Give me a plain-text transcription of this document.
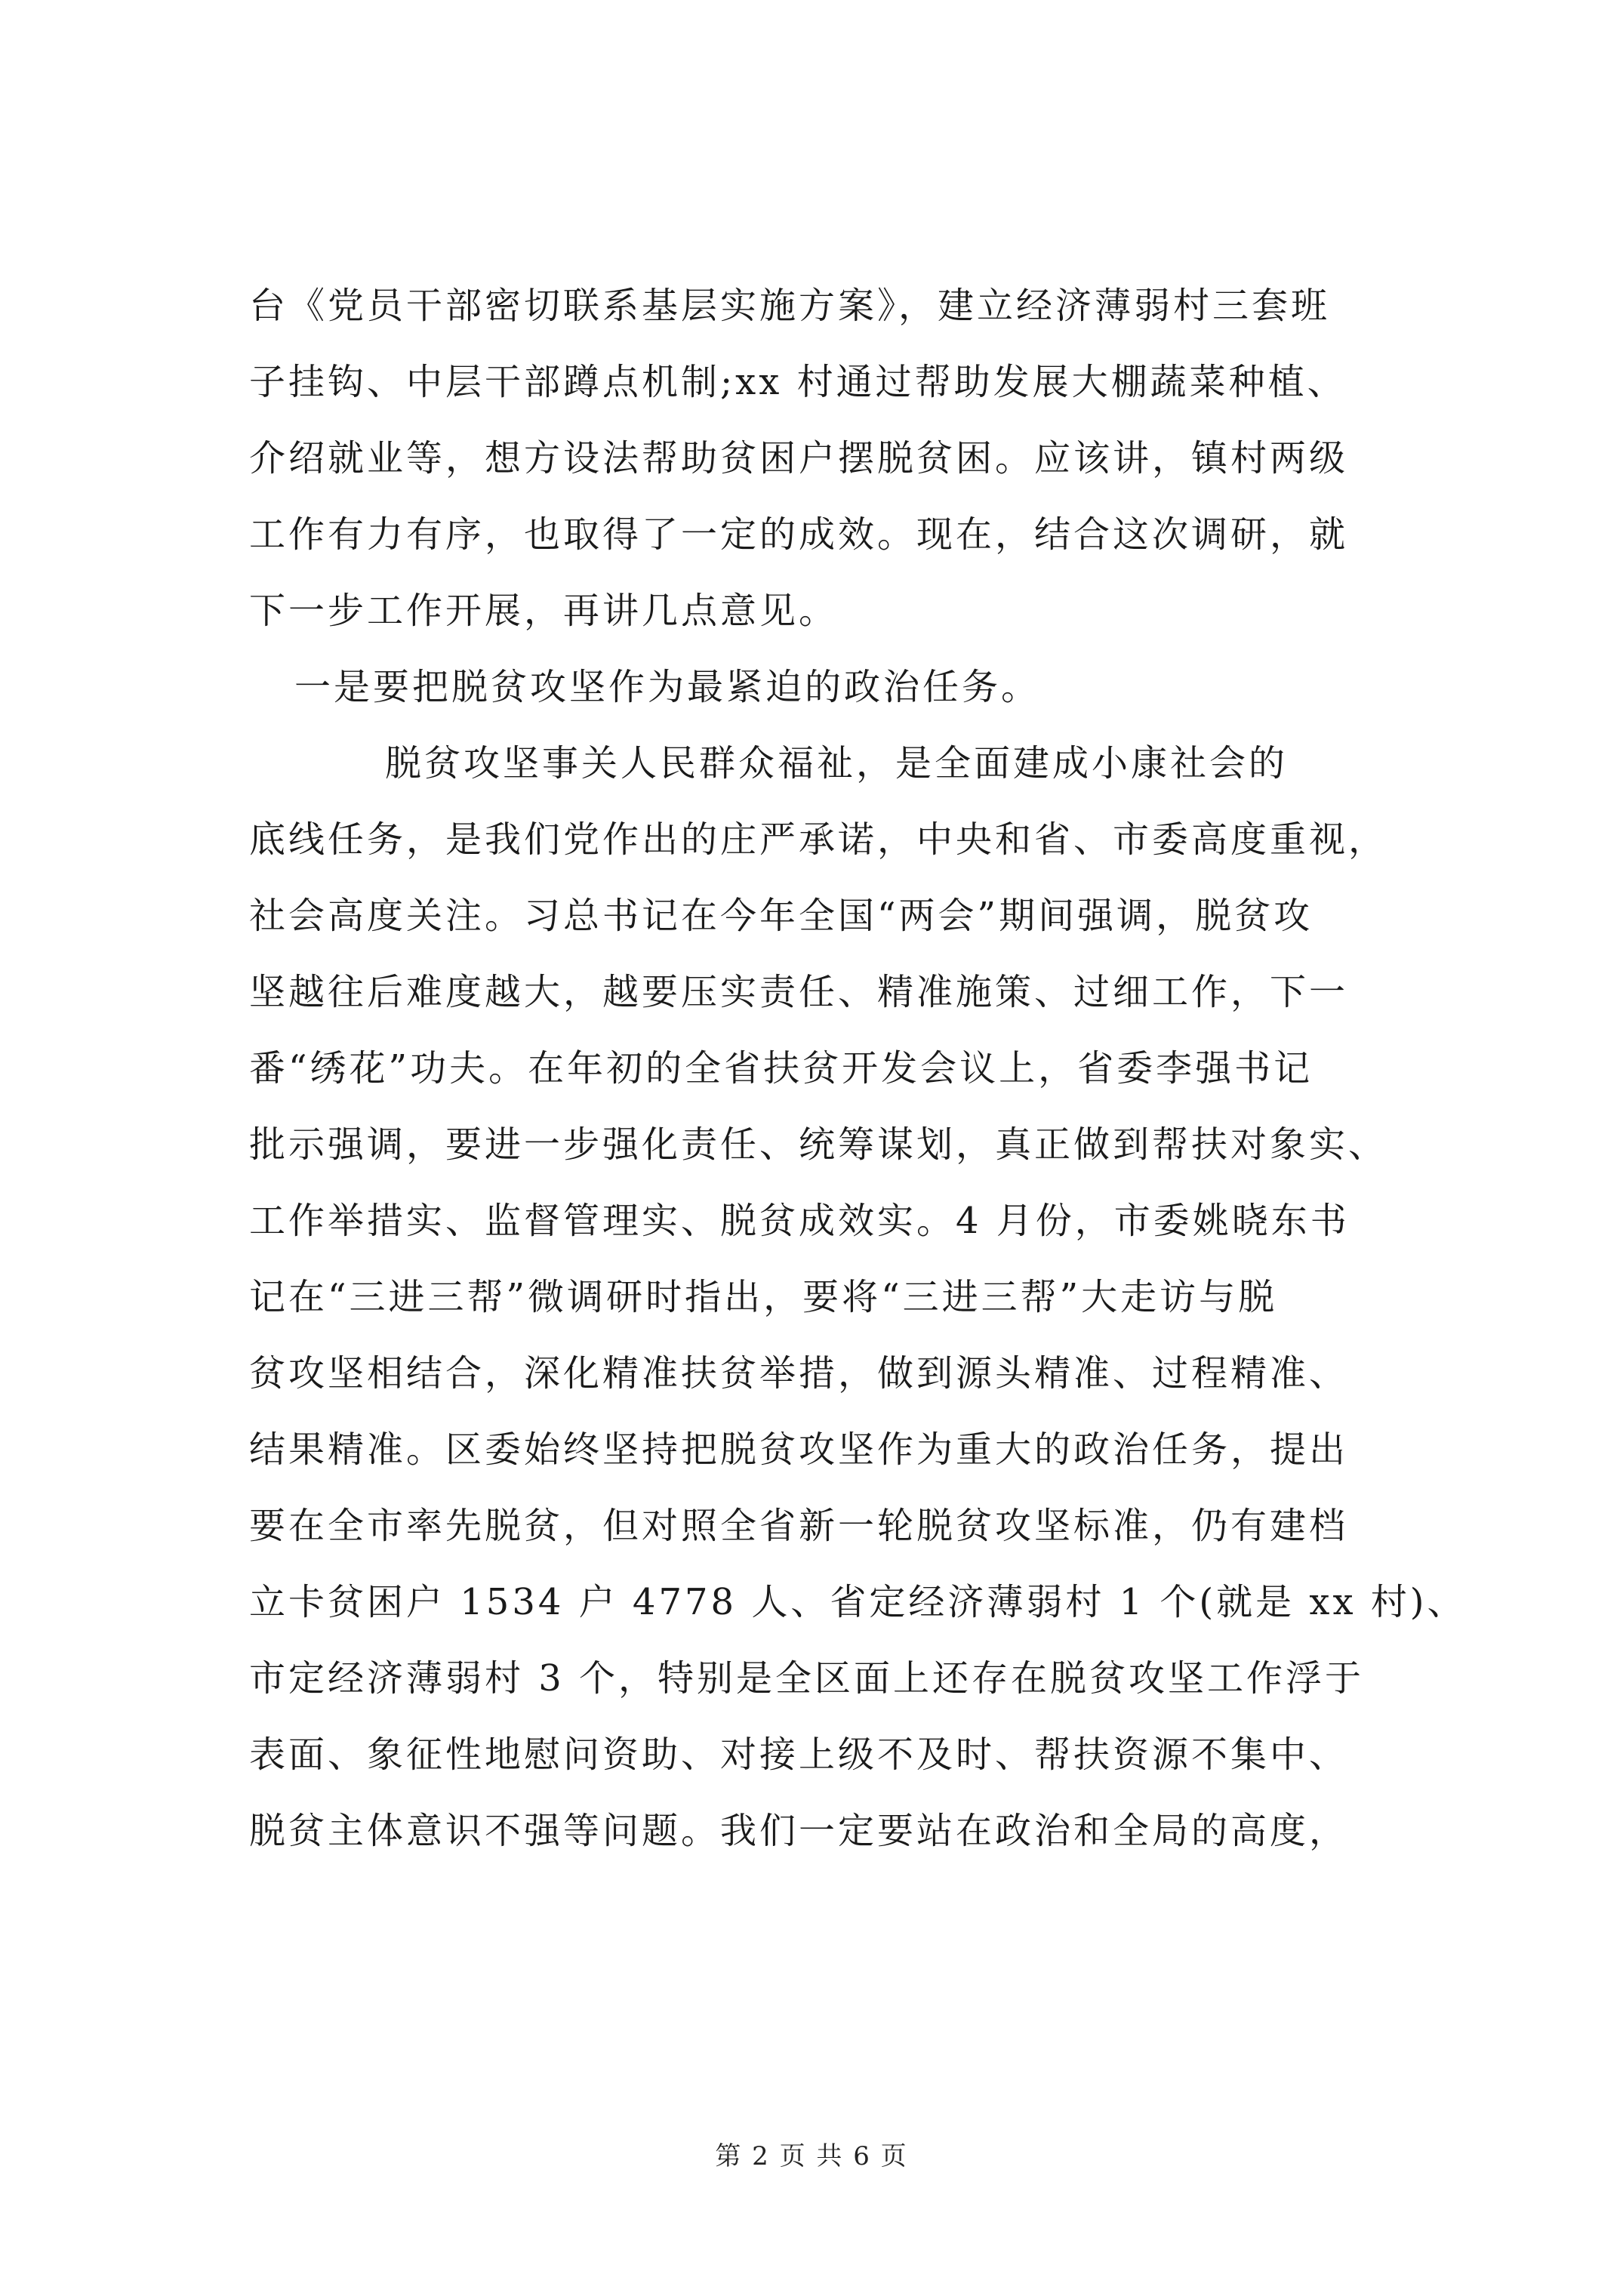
台《党员干部密切联系基层实施方案》，建立经济薄弱村三套班
子挂钩、中层干部蹲点机制;xx 村通过帮助发展大棚蔬菜种植、
介绍就业等，想方设法帮助贫困户摆脱贫困。应该讲，镇村两级
工作有力有序，也取得了一定的成效。现在，结合这次调研，就
下一步工作开展，再讲几点意见。
一是要把脱贫攻坚作为最紧迫的政治任务。
脱贫攻坚事关人民群众福祉，是全面建成小康社会的
底线任务，是我们党作出的庄严承诺，中央和省、市委高度重视，
社会高度关注。习总书记在今年全国“两会”期间强调，脱贫攻
坚越往后难度越大，越要压实责任、精准施策、过细工作，下一
番“绣花”功夫。在年初的全省扶贫开发会议上，省委李强书记
批示强调，要进一步强化责任、统筹谋划，真正做到帮扶对象实、
工作举措实、监督管理实、脱贫成效实。4 月份，市委姚晓东书
记在“三进三帮”微调研时指出，要将“三进三帮”大走访与脱
贫攻坚相结合，深化精准扶贫举措，做到源头精准、过程精准、
结果精准。区委始终坚持把脱贫攻坚作为重大的政治任务，提出
要在全市率先脱贫，但对照全省新一轮脱贫攻坚标准，仍有建档
立卡贫困户 1534 户 4778 人、省定经济薄弱村 1 个(就是 xx 村)、
市定经济薄弱村 3 个，特别是全区面上还存在脱贫攻坚工作浮于
表面、象征性地慰问资助、对接上级不及时、帮扶资源不集中、
脱贫主体意识不强等问题。我们一定要站在政治和全局的高度，
第 2 页 共 6 页
